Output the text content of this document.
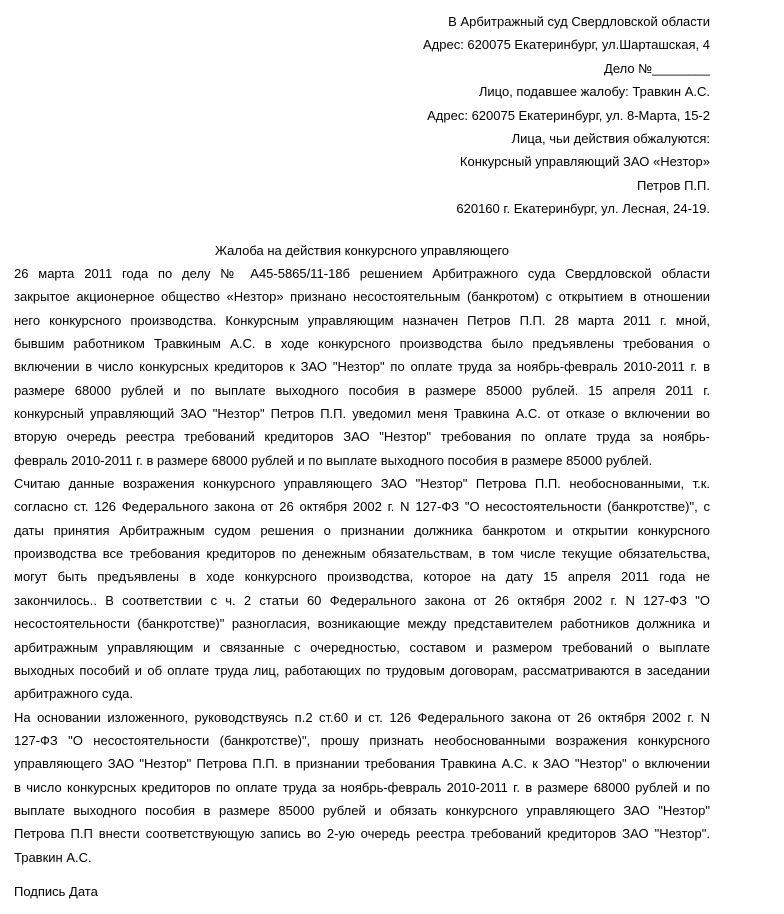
В Арбитражный суд Свердловской области
Адрес: 620075 Екатеринбург, ул.Шарташская, 4
Дело №________
Лицо, подавшее жалобу: Травкин А.С.
Адрес: 620075 Екатеринбург, ул. 8-Марта, 15-2
Лица, чьи действия обжалуются:
Конкурсный управляющий ЗАО «Незтор»
Петров П.П.
620160 г. Екатеринбург, ул. Лесная, 24-19.
Жалоба на действия конкурсного управляющего
26 марта 2011 года по делу № А45-5865/11-18б решением Арбитражного суда Свердловской области
закрытое акционерное общество «Незтор» признано несостоятельным (банкротом) с открытием в отношении
него конкурсного производства. Конкурсным управляющим назначен Петров П.П. 28 марта 2011 г. мной,
бывшим работником Травкиным А.С. в ходе конкурсного производства было предъявлены требования о
включении в число конкурсных кредиторов к ЗАО "Незтор" по оплате труда за ноябрь-февраль 2010-2011 г. в
размере 68000 рублей и по выплате выходного пособия в размере 85000 рублей. 15 апреля 2011 г.
конкурсный управляющий ЗАО "Незтор" Петров П.П. уведомил меня Травкина А.С. от отказе о включении во
вторую очередь реестра требований кредиторов ЗАО "Незтор" требования по оплате труда за ноябрь-
февраль 2010-2011 г. в размере 68000 рублей и по выплате выходного пособия в размере 85000 рублей.
Считаю данные возражения конкурсного управляющего ЗАО "Незтор" Петрова П.П. необоснованными, т.к.
согласно ст. 126 Федерального закона от 26 октября 2002 г. N 127-ФЗ "О несостоятельности (банкротстве)", с
даты принятия Арбитражным судом решения о признании должника банкротом и открытии конкурсного
производства все требования кредиторов по денежным обязательствам, в том числе текущие обязательства,
могут быть предъявлены в ходе конкурсного производства, которое на дату 15 апреля 2011 года не
закончилось.. В соответствии с ч. 2 статьи 60 Федерального закона от 26 октября 2002 г. N 127-ФЗ "О
несостоятельности (банкротстве)" разногласия, возникающие между представителем работников должника и
арбитражным управляющим и связанные с очередностью, составом и размером требований о выплате
выходных пособий и об оплате труда лиц, работающих по трудовым договорам, рассматриваются в заседании
арбитражного суда.
На основании изложенного, руководствуясь п.2 ст.60 и ст. 126 Федерального закона от 26 октября 2002 г. N
127-ФЗ "О несостоятельности (банкротстве)", прошу признать необоснованными возражения конкурсного
управляющего ЗАО "Незтор" Петрова П.П. в признании требования Травкина А.С. к ЗАО "Незтор" о включении
в число конкурсных кредиторов по оплате труда за ноябрь-февраль 2010-2011 г. в размере 68000 рублей и по
выплате выходного пособия в размере 85000 рублей и обязать конкурсного управляющего ЗАО "Незтор"
Петрова П.П внести соответствующую запись во 2-ую очередь реестра требований кредиторов ЗАО "Незтор".
Травкин А.С.
Подпись Дата
